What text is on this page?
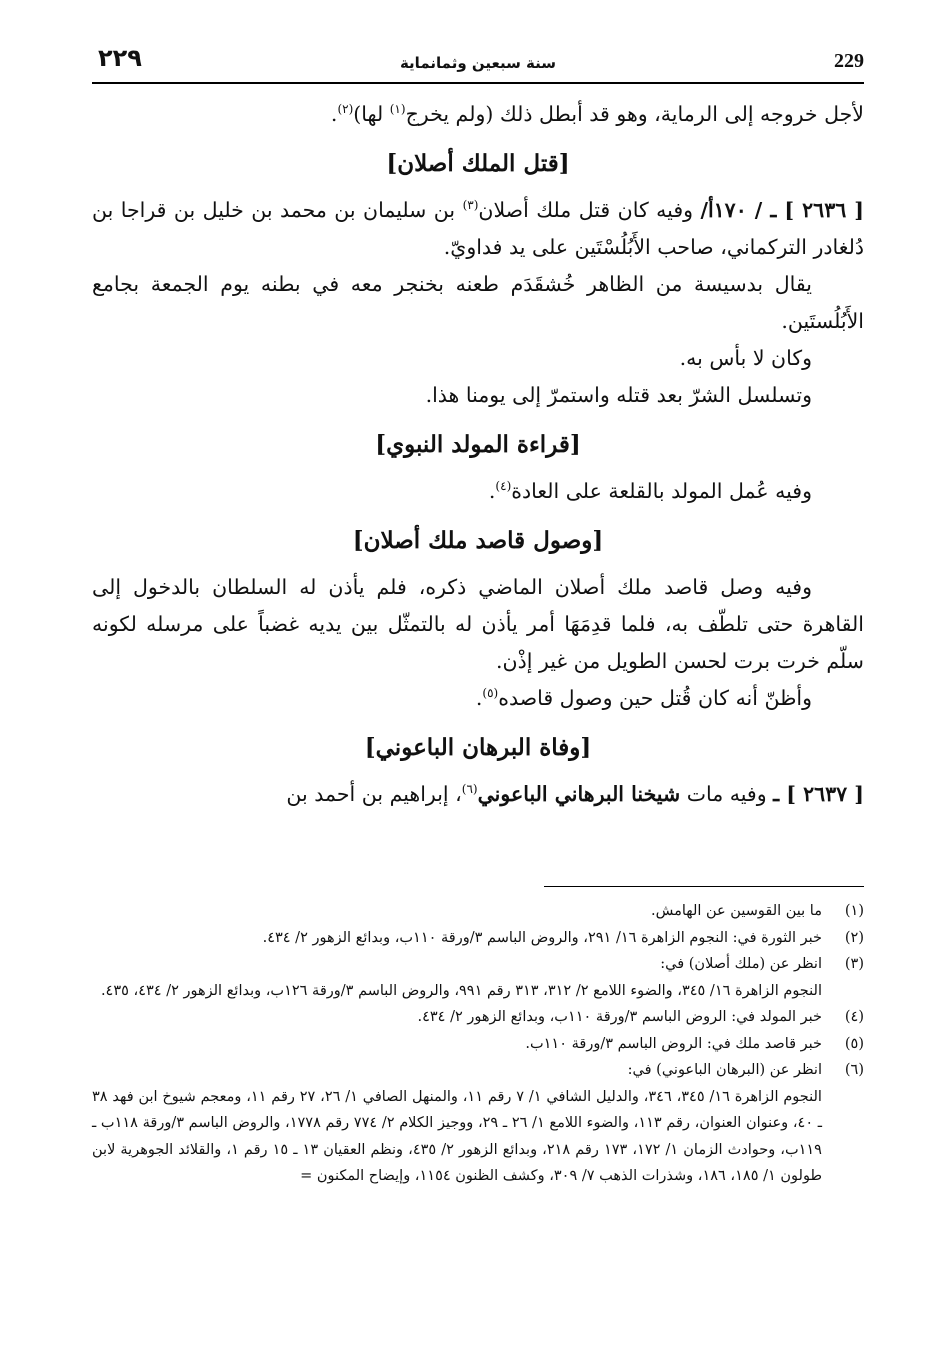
٢٢٩	سنة سبعين وثمانماية	229

لأجل خروجه إلى الرماية، وهو قد أبطل ذلك (ولم يخرج$^{(١)}$ لها)$^{(٢)}$.

[قتل الملك أصلان]

[ ٢٦٣٦ ] ـ / ١٧٠أ/ وفيه كان قتل ملك أصلان$^{(٣)}$ بن سليمان بن محمد بن خليل بن قراجا بن دُلغادر التركماني، صاحب الأَبُلُسْتَين على يد فداويّ.

يقال بدسيسة من الظاهر خُشقَدَم طعنه بخنجر معه في بطنه يوم الجمعة بجامع الأَبُلُستَين.

وكان لا بأس به.

وتسلسل الشرّ بعد قتله واستمرّ إلى يومنا هذا.

[قراءة المولد النبوي]

وفيه عُمل المولد بالقلعة على العادة$^{(٤)}$.

[وصول قاصد ملك أصلان]

وفيه وصل قاصد ملك أصلان الماضي ذكره، فلم يأذن له السلطان بالدخول إلى القاهرة حتى تلطّف به، فلما قدِمَهَا أمر يأذن له بالتمثّل بين يديه غضباً على مرسله لكونه سلّم خرت برت لحسن الطويل من غير إذْن.

وأظنّ أنه كان قُتل حين وصول قاصده$^{(٥)}$.

[وفاة البرهان الباعوني]

[ ٢٦٣٧ ] ـ وفيه مات شيخنا البرهاني الباعوني$^{(٦)}$، إبراهيم بن أحمد بن

(١)
ما بين القوسين عن الهامش.
(٢)
خبر الثورة في: النجوم الزاهرة ١٦/ ٢٩١، والروض الباسم ٣/ورقة ١١٠ب، وبدائع الزهور ٢/ ٤٣٤.
(٣)
انظر عن (ملك أصلان) في:
النجوم الزاهرة ١٦/ ٣٤٥، والضوء اللامع ٢/ ٣١٢، ٣١٣ رقم ٩٩١، والروض الباسم ٣/ورقة ١٢٦ب، وبدائع الزهور ٢/ ٤٣٤، ٤٣٥.
(٤)
خبر المولد في: الروض الباسم ٣/ورقة ١١٠ب، وبدائع الزهور ٢/ ٤٣٤.
(٥)
خبر قاصد ملك في: الروض الباسم ٣/ورقة ١١٠ب.
(٦)
انظر عن (البرهان الباعوني) في:
النجوم الزاهرة ١٦/ ٣٤٥، ٣٤٦، والدليل الشافي ١/ ٧ رقم ١١، والمنهل الصافي ١/ ٢٦، ٢٧ رقم ١١، ومعجم شيوخ ابن فهد ٣٨ ـ ٤٠، وعنوان العنوان، رقم ١١٣، والضوء اللامع ١/ ٢٦ ـ ٢٩، ووجيز الكلام ٢/ ٧٧٤ رقم ١٧٧٨، والروض الباسم ٣/ورقة ١١٨ب ـ ١١٩ب، وحوادث الزمان ١/ ١٧٢، ١٧٣ رقم ٢١٨، وبدائع الزهور ٢/ ٤٣٥، ونظم العقيان ١٣ ـ ١٥ رقم ١، والقلائد الجوهرية لابن طولون ١/ ١٨٥، ١٨٦، وشذرات الذهب ٧/ ٣٠٩، وكشف الظنون ١١٥٤، وإيضاح المكنون =
